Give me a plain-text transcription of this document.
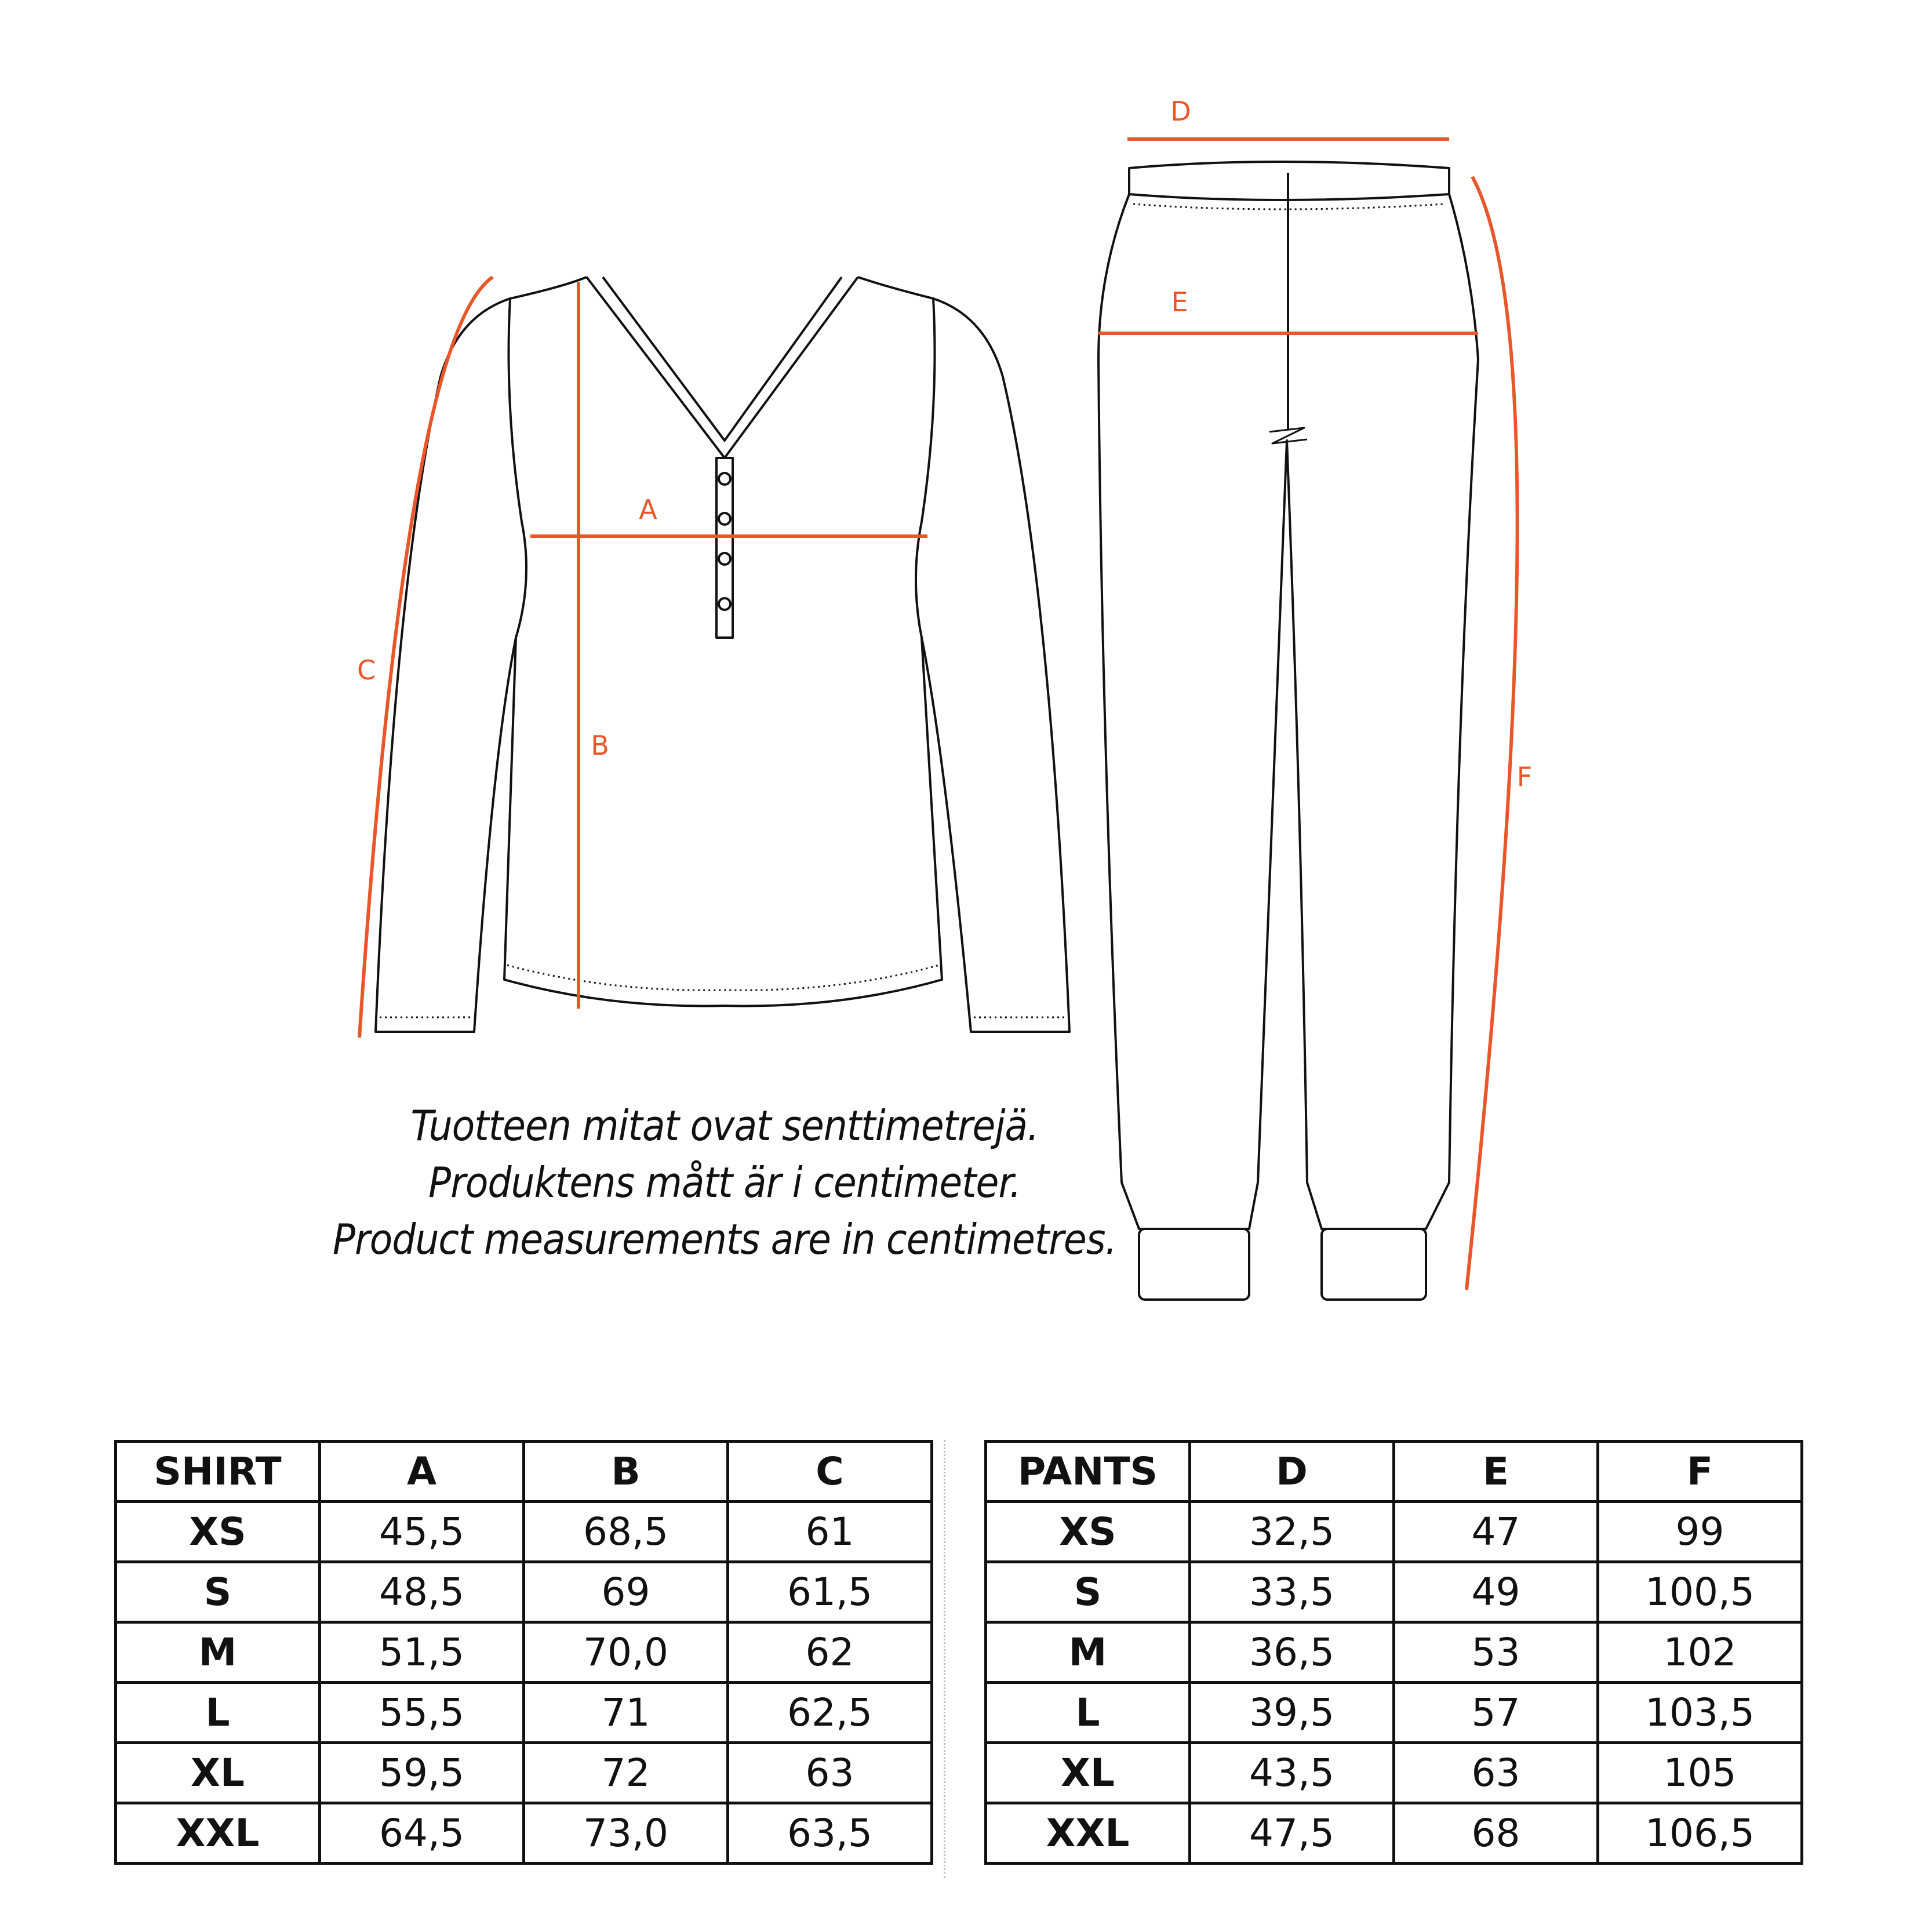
A
B
C
D
E
F
Tuotteen mitat ovat senttimetrejä.
Produktens mått är i centimeter.
Product measurements are in centimetres.
SHIRT	A	B	C
XS	45,5	68,5	61
S	48,5	69	61,5
M	51,5	70,0	62
L	55,5	71	62,5
XL	59,5	72	63
XXL	64,5	73,0	63,5
PANTS	D	E	F
XS	32,5	47	99
S	33,5	49	100,5
M	36,5	53	102
L	39,5	57	103,5
XL	43,5	63	105
XXL	47,5	68	106,5
